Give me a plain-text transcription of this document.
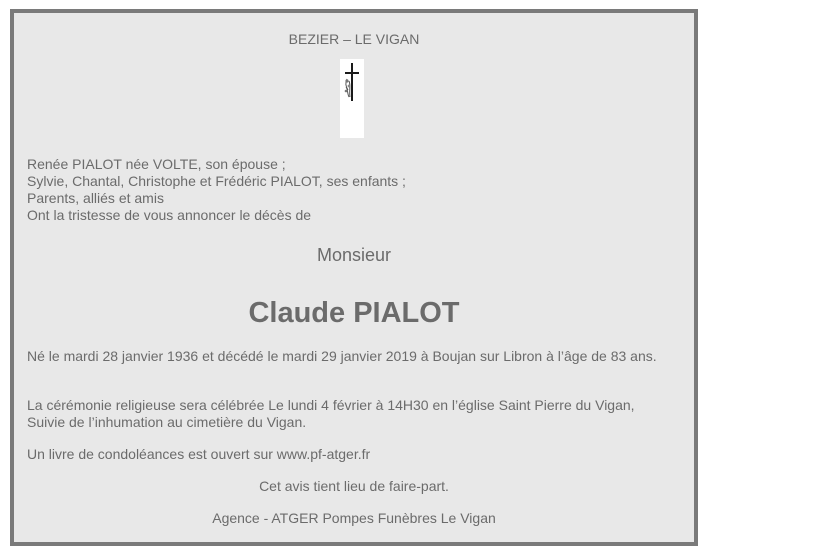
BEZIER – LE VIGAN
Renée PIALOT née VOLTE, son épouse ;
Sylvie, Chantal, Christophe et Frédéric PIALOT, ses enfants ;
Parents, alliés et amis
Ont la tristesse de vous annoncer le décès de
Monsieur
Claude PIALOT
Né le mardi 28 janvier 1936 et décédé le mardi 29 janvier 2019 à Boujan sur Libron à l’âge de 83 ans.
La cérémonie religieuse sera célébrée Le lundi 4 février à 14H30 en l’église Saint Pierre du Vigan,
Suivie de l’inhumation au cimetière du Vigan.
Un livre de condoléances est ouvert sur www.pf-atger.fr
Cet avis tient lieu de faire-part.
Agence - ATGER Pompes Funèbres Le Vigan
